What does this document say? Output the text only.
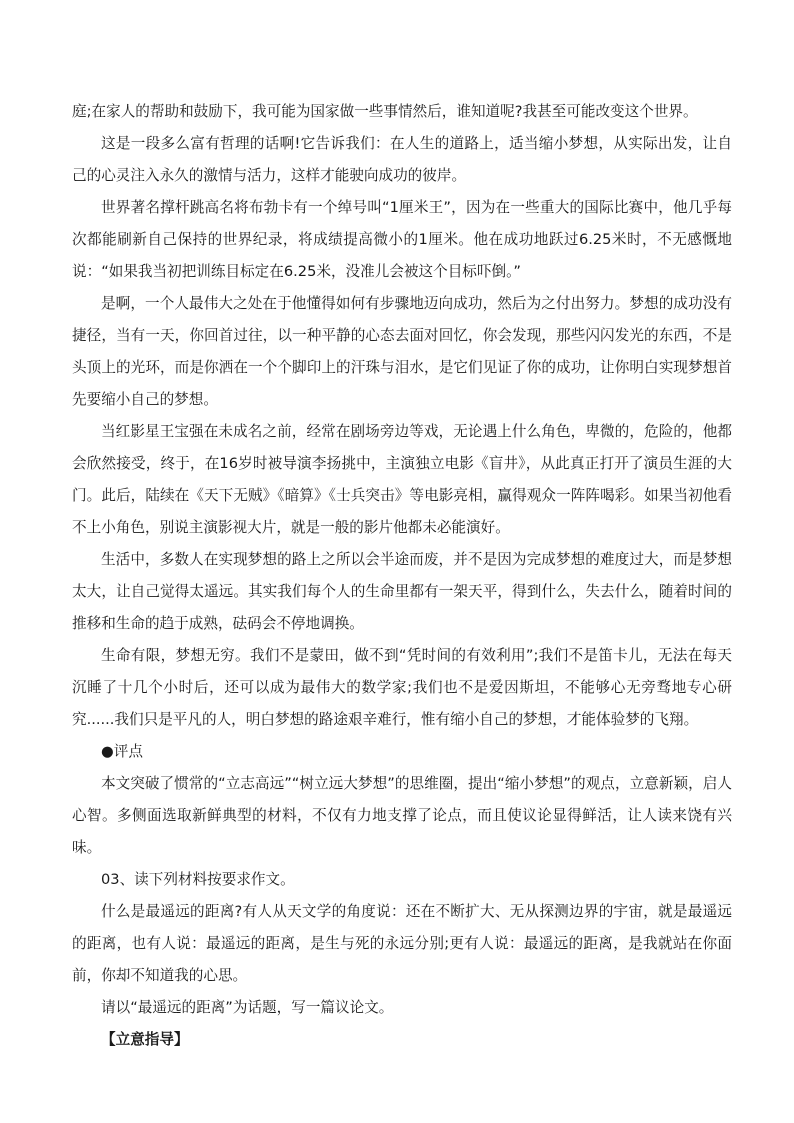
庭;在家人的帮助和鼓励下，我可能为国家做一些事情然后，谁知道呢?我甚至可能改变这个世界。

这是一段多么富有哲理的话啊!它告诉我们：在人生的道路上，适当缩小梦想，从实际出发，让自己的心灵注入永久的激情与活力，这样才能驶向成功的彼岸。

世界著名撑杆跳高名将布勃卡有一个绰号叫“1厘米王”，因为在一些重大的国际比赛中，他几乎每次都能刷新自己保持的世界纪录，将成绩提高微小的1厘米。他在成功地跃过6.25米时，不无感慨地说：“如果我当初把训练目标定在6.25米，没准儿会被这个目标吓倒。”

是啊，一个人最伟大之处在于他懂得如何有步骤地迈向成功，然后为之付出努力。梦想的成功没有捷径，当有一天，你回首过往，以一种平静的心态去面对回忆，你会发现，那些闪闪发光的东西，不是头顶上的光环，而是你洒在一个个脚印上的汗珠与泪水，是它们见证了你的成功，让你明白实现梦想首先要缩小自己的梦想。

当红影星王宝强在未成名之前，经常在剧场旁边等戏，无论遇上什么角色，卑微的，危险的，他都会欣然接受，终于，在16岁时被导演李扬挑中，主演独立电影《盲井》，从此真正打开了演员生涯的大门。此后，陆续在《天下无贼》《暗算》《士兵突击》等电影亮相，赢得观众一阵阵喝彩。如果当初他看不上小角色，别说主演影视大片，就是一般的影片他都未必能演好。

生活中，多数人在实现梦想的路上之所以会半途而废，并不是因为完成梦想的难度过大，而是梦想太大，让自己觉得太遥远。其实我们每个人的生命里都有一架天平，得到什么，失去什么，随着时间的推移和生命的趋于成熟，砝码会不停地调换。

生命有限，梦想无穷。我们不是蒙田，做不到“凭时间的有效利用”;我们不是笛卡儿，无法在每天沉睡了十几个小时后，还可以成为最伟大的数学家;我们也不是爱因斯坦，不能够心无旁骛地专心研究......我们只是平凡的人，明白梦想的路途艰辛难行，惟有缩小自己的梦想，才能体验梦的飞翔。

●评点

本文突破了惯常的“立志高远”“树立远大梦想”的思维圈，提出“缩小梦想”的观点，立意新颖，启人心智。多侧面选取新鲜典型的材料，不仅有力地支撑了论点，而且使议论显得鲜活，让人读来饶有兴味。

03、读下列材料按要求作文。

什么是最遥远的距离?有人从天文学的角度说：还在不断扩大、无从探测边界的宇宙，就是最遥远的距离，也有人说：最遥远的距离，是生与死的永远分别;更有人说：最遥远的距离，是我就站在你面前，你却不知道我的心思。

请以“最遥远的距离”为话题，写一篇议论文。

【立意指导】
